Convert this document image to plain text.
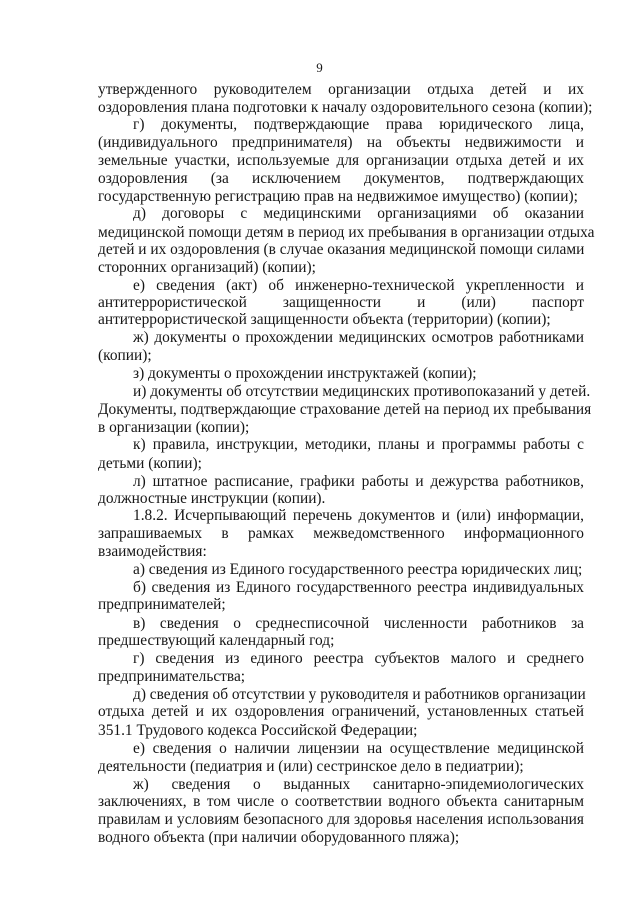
9

утвержденного руководителем организации отдыха детей и их

оздоровления плана подготовки к началу оздоровительного сезона (копии);

г) документы, подтверждающие права юридического лица,

(индивидуального предпринимателя) на объекты недвижимости и

земельные участки, используемые для организации отдыха детей и их

оздоровления (за исключением документов, подтверждающих

государственную регистрацию прав на недвижимое имущество) (копии);

д) договоры с медицинскими организациями об оказании

медицинской помощи детям в период их пребывания в организации отдыха

детей и их оздоровления (в случае оказания медицинской помощи силами

сторонних организаций) (копии);

е) сведения (акт) об инженерно-технической укрепленности и

антитеррористической защищенности и (или) паспорт

антитеррористической защищенности объекта (территории) (копии);

ж) документы о прохождении медицинских осмотров работниками

(копии);

з) документы о прохождении инструктажей (копии);

и) документы об отсутствии медицинских противопоказаний у детей.

Документы, подтверждающие страхование детей на период их пребывания

в организации (копии);

к) правила, инструкции, методики, планы и программы работы с

детьми (копии);

л) штатное расписание, графики работы и дежурства работников,

должностные инструкции (копии).

1.8.2. Исчерпывающий перечень документов и (или) информации,

запрашиваемых в рамках межведомственного информационного

взаимодействия:

а) сведения из Единого государственного реестра юридических лиц;

б) сведения из Единого государственного реестра индивидуальных

предпринимателей;

в) сведения о среднесписочной численности работников за

предшествующий календарный год;

г) сведения из единого реестра субъектов малого и среднего

предпринимательства;

д) сведения об отсутствии у руководителя и работников организации

отдыха детей и их оздоровления ограничений, установленных статьей

351.1 Трудового кодекса Российской Федерации;

е) сведения о наличии лицензии на осуществление медицинской

деятельности (педиатрия и (или) сестринское дело в педиатрии);

ж) сведения о выданных санитарно-эпидемиологических

заключениях, в том числе о соответствии водного объекта санитарным

правилам и условиям безопасного для здоровья населения использования

водного объекта (при наличии оборудованного пляжа);
